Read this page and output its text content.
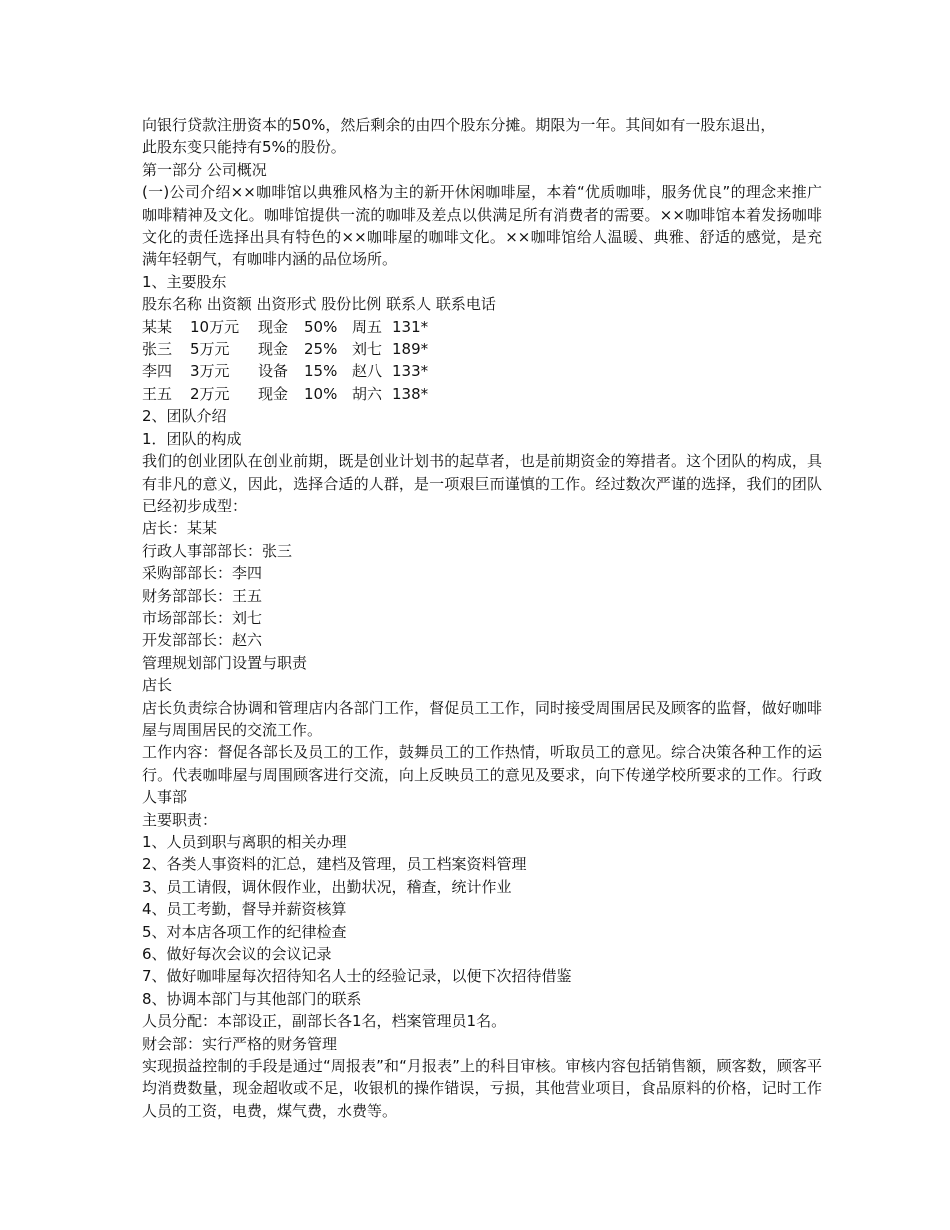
向银行贷款注册资本的50%，然后剩余的由四个股东分摊。期限为一年。其间如有一股东退出，

此股东变只能持有5%的股份。

第一部分 公司概况

(一)公司介绍××咖啡馆以典雅风格为主的新开休闲咖啡屋，本着“优质咖啡，服务优良”的理念来推广咖啡精神及文化。咖啡馆提供一流的咖啡及差点以供满足所有消费者的需要。××咖啡馆本着发扬咖啡文化的责任选择出具有特色的××咖啡屋的咖啡文化。××咖啡馆给人温暖、典雅、舒适的感觉，是充满年轻朝气，有咖啡内涵的品位场所。

1、主要股东

股东名称 出资额 出资形式 股份比例 联系人 联系电话

某某	10万元	现金	50% 周五 131*
张三	5万元	现金	25% 刘七 189*
李四	3万元	设备	15% 赵八 133*
王五	2万元	现金	10% 胡六 138*

2、团队介绍

1．团队的构成

我们的创业团队在创业前期，既是创业计划书的起草者，也是前期资金的筹措者。这个团队的构成，具有非凡的意义，因此，选择合适的人群，是一项艰巨而谨慎的工作。经过数次严谨的选择，我们的团队已经初步成型：

店长：某某

行政人事部部长：张三

采购部部长：李四

财务部部长：王五

市场部部长：刘七

开发部部长：赵六

管理规划部门设置与职责

店长

店长负责综合协调和管理店内各部门工作，督促员工工作，同时接受周围居民及顾客的监督，做好咖啡屋与周围居民的交流工作。

工作内容：督促各部长及员工的工作，鼓舞员工的工作热情，听取员工的意见。综合决策各种工作的运行。代表咖啡屋与周围顾客进行交流，向上反映员工的意见及要求，向下传递学校所要求的工作。行政人事部

主要职责：

1、人员到职与离职的相关办理

2、各类人事资料的汇总，建档及管理，员工档案资料管理

3、员工请假，调休假作业，出勤状况，稽查，统计作业

4、员工考勤，督导并薪资核算

5、对本店各项工作的纪律检查

6、做好每次会议的会议记录

7、做好咖啡屋每次招待知名人士的经验记录，以便下次招待借鉴

8、协调本部门与其他部门的联系

人员分配：本部设正，副部长各1名，档案管理员1名。

财会部：实行严格的财务管理

实现损益控制的手段是通过“周报表”和“月报表”上的科目审核。审核内容包括销售额，顾客数，顾客平均消费数量，现金超收或不足，收银机的操作错误，亏损，其他营业项目，食品原料的价格，记时工作人员的工资，电费，煤气费，水费等。
